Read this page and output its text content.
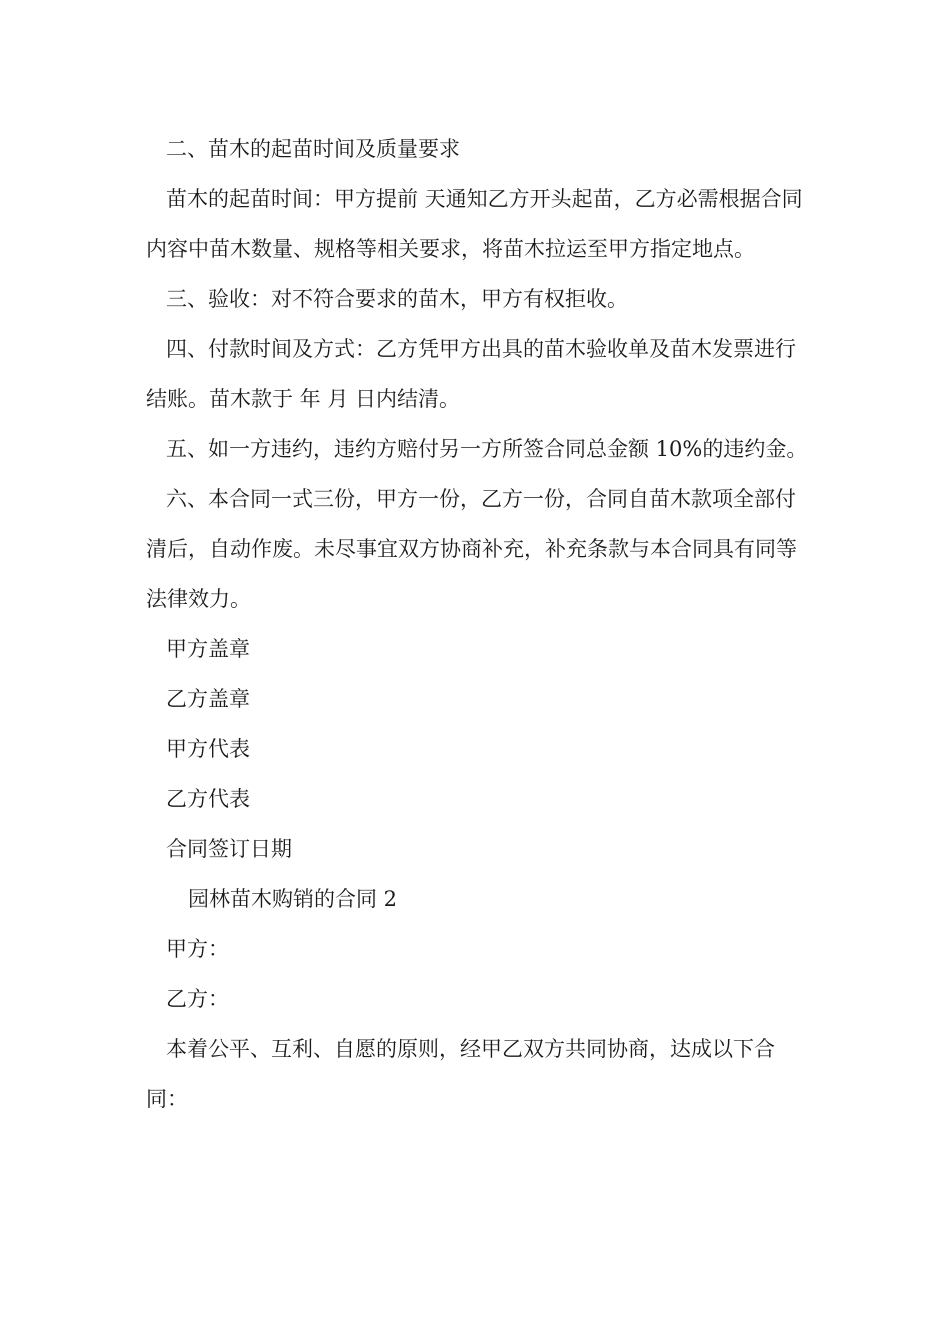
二、苗木的起苗时间及质量要求

苗木的起苗时间：甲方提前 天通知乙方开头起苗，乙方必需根据合同内容中苗木数量、规格等相关要求，将苗木拉运至甲方指定地点。

三、验收：对不符合要求的苗木，甲方有权拒收。

四、付款时间及方式：乙方凭甲方出具的苗木验收单及苗木发票进行结账。苗木款于 年 月 日内结清。

五、如一方违约，违约方赔付另一方所签合同总金额 10%的违约金。

六、本合同一式三份，甲方一份，乙方一份，合同自苗木款项全部付清后，自动作废。未尽事宜双方协商补充，补充条款与本合同具有同等法律效力。

甲方盖章

乙方盖章

甲方代表

乙方代表

合同签订日期

园林苗木购销的合同 2

甲方：

乙方：

本着公平、互利、自愿的原则，经甲乙双方共同协商，达成以下合同：
